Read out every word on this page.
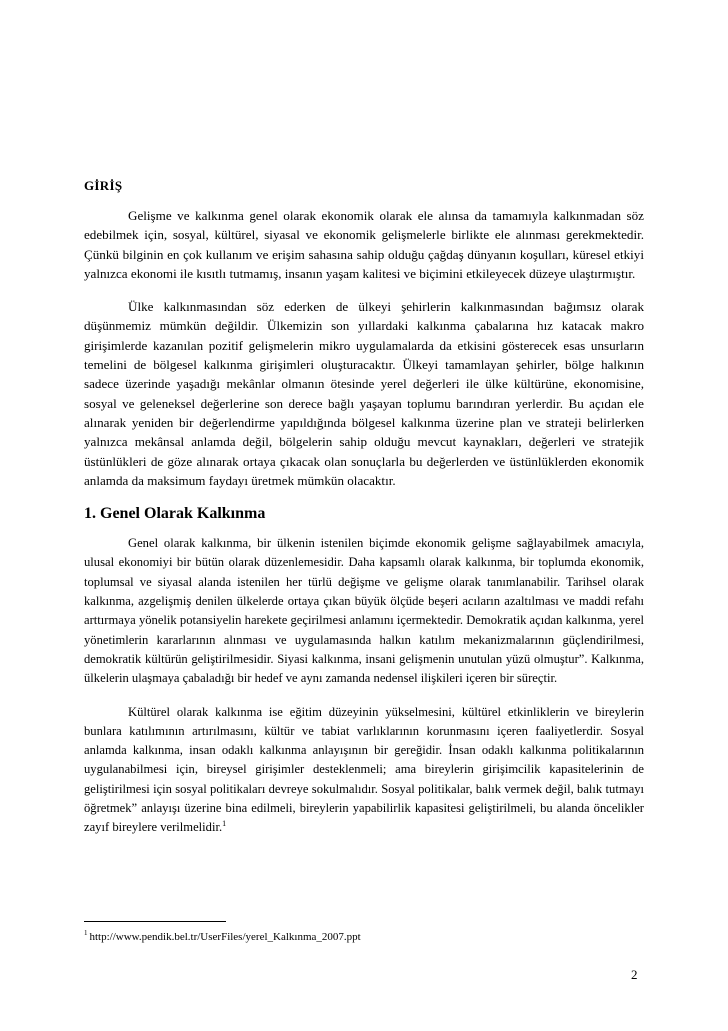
GİRİŞ

Gelişme ve kalkınma genel olarak ekonomik olarak ele alınsa da tamamıyla kalkınmadan söz edebilmek için, sosyal, kültürel, siyasal ve ekonomik gelişmelerle birlikte ele alınması gerekmektedir. Çünkü bilginin en çok kullanım ve erişim sahasına sahip olduğu çağdaş dünyanın koşulları, küresel etkiyi yalnızca ekonomi ile kısıtlı tutmamış, insanın yaşam kalitesi ve biçimini etkileyecek düzeye ulaştırmıştır.

Ülke kalkınmasından söz ederken de ülkeyi şehirlerin kalkınmasından bağımsız olarak düşünmemiz mümkün değildir. Ülkemizin son yıllardaki kalkınma çabalarına hız katacak makro girişimlerde kazanılan pozitif gelişmelerin mikro uygulamalarda da etkisini gösterecek esas unsurların temelini de bölgesel kalkınma girişimleri oluşturacaktır. Ülkeyi tamamlayan şehirler, bölge halkının sadece üzerinde yaşadığı mekânlar olmanın ötesinde yerel değerleri ile ülke kültürüne, ekonomisine, sosyal ve geleneksel değerlerine son derece bağlı yaşayan toplumu barındıran yerlerdir. Bu açıdan ele alınarak yeniden bir değerlendirme yapıldığında bölgesel kalkınma üzerine plan ve strateji belirlerken yalnızca mekânsal anlamda değil, bölgelerin sahip olduğu mevcut kaynakları, değerleri ve stratejik üstünlükleri de göze alınarak ortaya çıkacak olan sonuçlarla bu değerlerden ve üstünlüklerden ekonomik anlamda da maksimum faydayı üretmek mümkün olacaktır.

1. Genel Olarak Kalkınma

Genel olarak kalkınma, bir ülkenin istenilen biçimde ekonomik gelişme sağlayabilmek amacıyla, ulusal ekonomiyi bir bütün olarak düzenlemesidir. Daha kapsamlı olarak kalkınma, bir toplumda ekonomik, toplumsal ve siyasal alanda istenilen her türlü değişme ve gelişme olarak tanımlanabilir. Tarihsel olarak kalkınma, azgelişmiş denilen ülkelerde ortaya çıkan büyük ölçüde beşeri acıların azaltılması ve maddi refahı arttırmaya yönelik potansiyelin harekete geçirilmesi anlamını içermektedir. Demokratik açıdan kalkınma, yerel yönetimlerin kararlarının alınması ve uygulamasında halkın katılım mekanizmalarının güçlendirilmesi, demokratik kültürün geliştirilmesidir. Siyasi kalkınma, insani gelişmenin unutulan yüzü olmuştur”. Kalkınma, ülkelerin ulaşmaya çabaladığı bir hedef ve aynı zamanda nedensel ilişkileri içeren bir süreçtir.

Kültürel olarak kalkınma ise eğitim düzeyinin yükselmesini, kültürel etkinliklerin ve bireylerin bunlara katılımının artırılmasını, kültür ve tabiat varlıklarının korunmasını içeren faaliyetlerdir. Sosyal anlamda kalkınma, insan odaklı kalkınma anlayışının bir gereğidir. İnsan odaklı kalkınma politikalarının uygulanabilmesi için, bireysel girişimler desteklenmeli; ama bireylerin girişimcilik kapasitelerinin de geliştirilmesi için sosyal politikaları devreye sokulmalıdır. Sosyal politikalar, balık vermek değil, balık tutmayı öğretmek” anlayışı üzerine bina edilmeli, bireylerin yapabilirlik kapasitesi geliştirilmeli, bu alanda öncelikler zayıf bireylere verilmelidir.$^1$

$^1$ http://www.pendik.bel.tr/UserFiles/yerel_Kalkınma_2007.ppt
2
